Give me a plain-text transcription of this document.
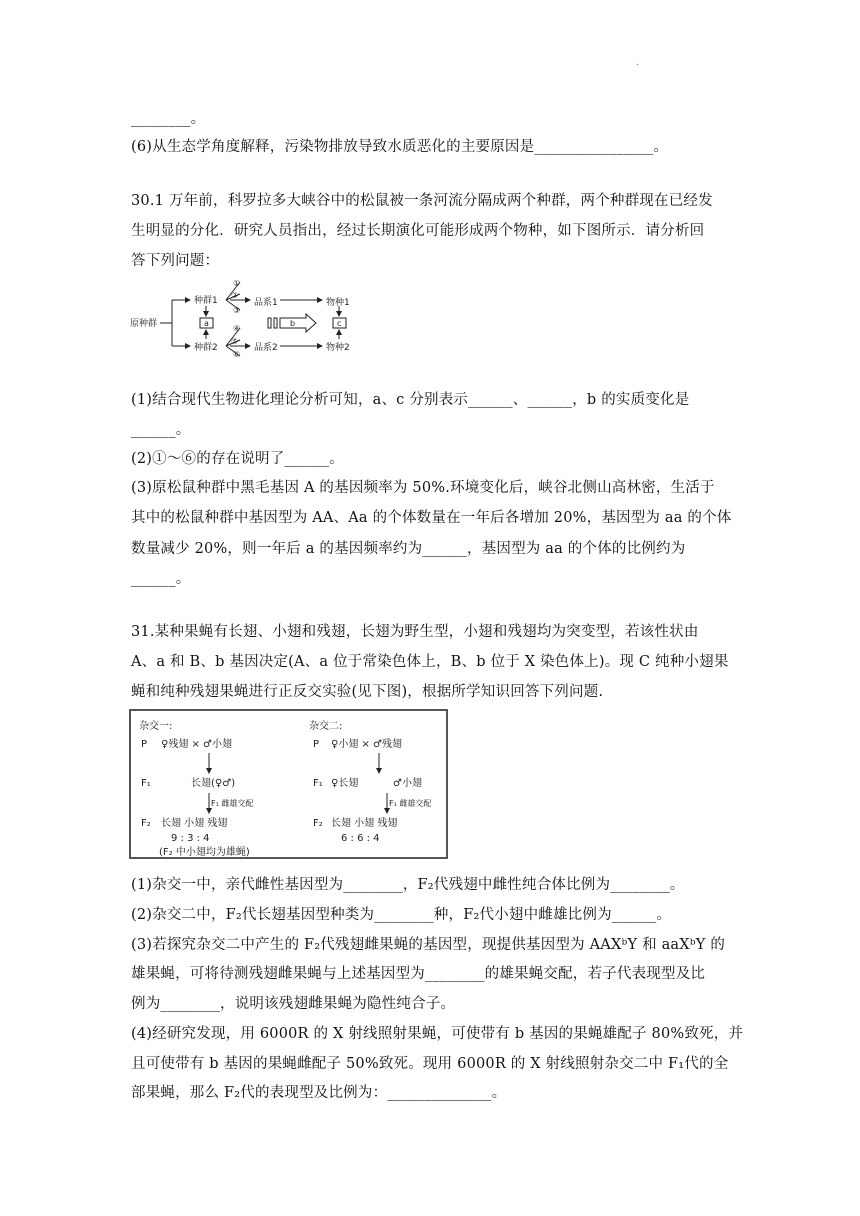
.
________。
(6)从生态学角度解释，污染物排放导致水质恶化的主要原因是________________。
30.1 万年前，科罗拉多大峡谷中的松鼠被一条河流分隔成两个种群，两个种群现在已经发
生明显的分化．研究人员指出，经过长期演化可能形成两个物种，如下图所示．请分析回
答下列问题：
原种群
种群1
种群2
品系1
品系2
物种1
物种2
①
②
③
④
⑤
⑥
a	b	c
(1)结合现代生物进化理论分析可知，a、c 分别表示______、______，b 的实质变化是
______。
(2)①～⑥的存在说明了______。
(3)原松鼠种群中黑毛基因 A 的基因频率为 50%.环境变化后，峡谷北侧山高林密，生活于
其中的松鼠种群中基因型为 AA、Aa 的个体数量在一年后各增加 20%，基因型为 aa 的个体
数量减少 20%，则一年后 a 的基因频率约为______，基因型为 aa 的个体的比例约为
______。
31.某种果蝇有长翅、小翅和残翅，长翅为野生型，小翅和残翅均为突变型，若该性状由
A、a 和 B、b 基因决定(A、a 位于常染色体上，B、b 位于 X 染色体上)。现 C 纯种小翅果
蝇和纯种残翅果蝇进行正反交实验(见下图)，根据所学知识回答下列问题.
杂交一:
P ♀残翅 × ♂小翅
F₁	长翅(♀♂)
F₁ 雌雄交配
F₂ 长翅 小翅 残翅
9 : 3 : 4
(F₂ 中小翅均为雄蝇)
杂交二:
P ♀小翅 × ♂残翅
F₁ ♀长翅	♂小翅
F₁ 雌雄交配
F₂ 长翅 小翅 残翅
6 : 6 : 4
(1)杂交一中，亲代雌性基因型为________，F₂代残翅中雌性纯合体比例为________。
(2)杂交二中，F₂代长翅基因型种类为________种，F₂代小翅中雌雄比例为______。
(3)若探究杂交二中产生的 F₂代残翅雌果蝇的基因型，现提供基因型为 AAXᵇY 和 aaXᵇY 的
雄果蝇，可将待测残翅雌果蝇与上述基因型为________的雄果蝇交配，若子代表现型及比
例为________，说明该残翅雌果蝇为隐性纯合子。
(4)经研究发现，用 6000R 的 X 射线照射果蝇，可使带有 b 基因的果蝇雄配子 80%致死，并
且可使带有 b 基因的果蝇雌配子 50%致死。现用 6000R 的 X 射线照射杂交二中 F₁代的全
部果蝇，那么 F₂代的表现型及比例为：______________。
